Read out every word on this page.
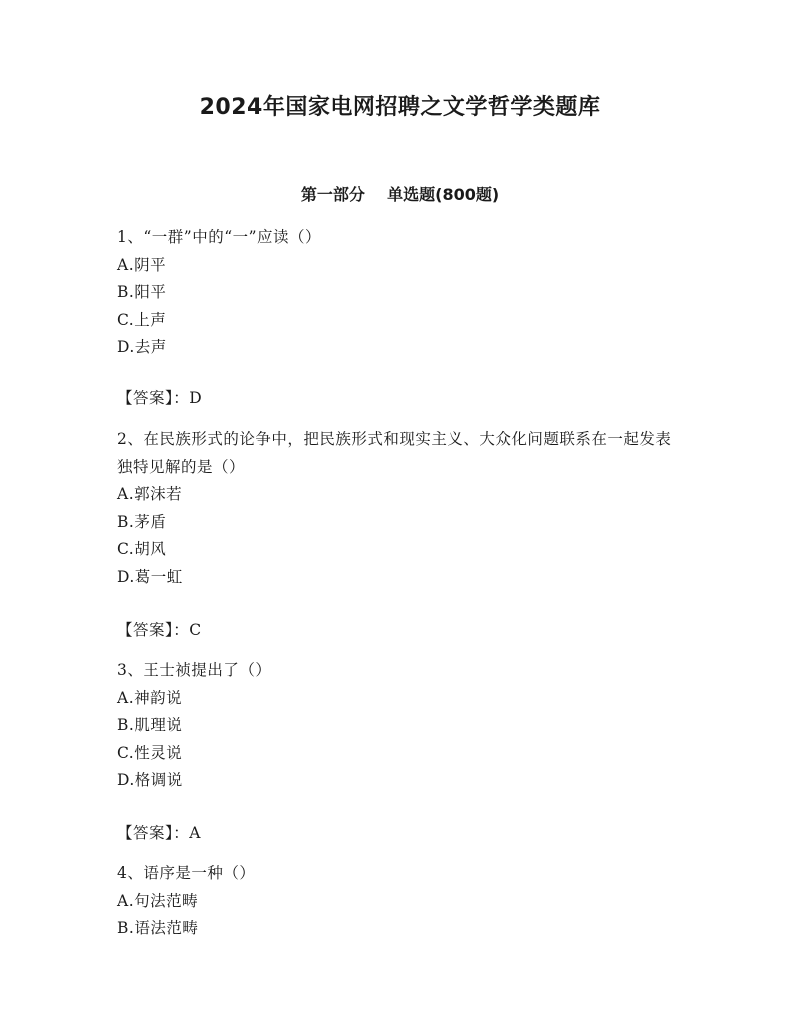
2024年国家电网招聘之文学哲学类题库
第一部分    单选题(800题)
1、“一群”中的“一”应读（）
A.阴平
B.阳平
C.上声
D.去声
【答案】：D
2、在民族形式的论争中，把民族形式和现实主义、大众化问题联系在一起发表独特见解的是（）
A.郭沫若
B.茅盾
C.胡风
D.葛一虹
【答案】：C
3、王士祯提出了（）
A.神韵说
B.肌理说
C.性灵说
D.格调说
【答案】：A
4、语序是一种（）
A.句法范畴
B.语法范畴
